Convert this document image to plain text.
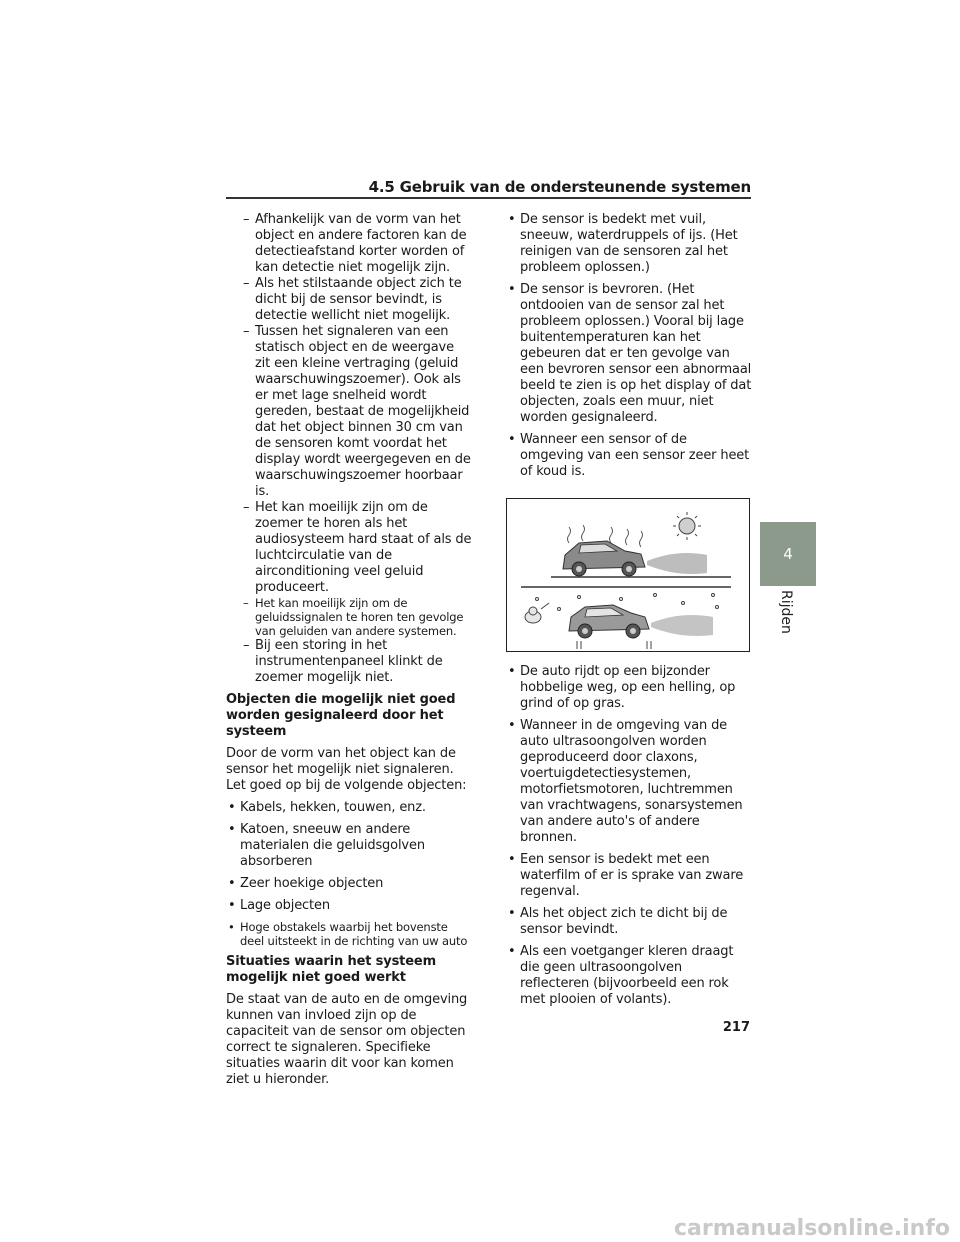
4.5 Gebruik van de ondersteunende systemen

– Afhankelijk van de vorm van het object en andere factoren kan de detectieafstand korter worden of kan detectie niet mogelijk zijn.

– Als het stilstaande object zich te dicht bij de sensor bevindt, is detectie wellicht niet mogelijk.

– Tussen het signaleren van een statisch object en de weergave zit een kleine vertraging (geluid waarschuwingszoemer). Ook als er met lage snelheid wordt gereden, bestaat de mogelijkheid dat het object binnen 30 cm van de sensoren komt voordat het display wordt weergegeven en de waarschuwingszoemer hoorbaar is.

– Het kan moeilijk zijn om de zoemer te horen als het audiosysteem hard staat of als de luchtcirculatie van de airconditioning veel geluid produceert.

– Het kan moeilijk zijn om de geluidssignalen te horen ten gevolge van geluiden van andere systemen.

– Bij een storing in het instrumentenpaneel klinkt de zoemer mogelijk niet.

Objecten die mogelijk niet goed worden gesignaleerd door het systeem

Door de vorm van het object kan de sensor het mogelijk niet signaleren. Let goed op bij de volgende objecten:

• Kabels, hekken, touwen, enz.

• Katoen, sneeuw en andere materialen die geluidsgolven absorberen

• Zeer hoekige objecten

• Lage objecten

• Hoge obstakels waarbij het bovenste deel uitsteekt in de richting van uw auto

Situaties waarin het systeem mogelijk niet goed werkt

De staat van de auto en de omgeving kunnen van invloed zijn op de capaciteit van de sensor om objecten correct te signaleren. Specifieke situaties waarin dit voor kan komen ziet u hieronder.

• De sensor is bedekt met vuil, sneeuw, waterdruppels of ijs. (Het reinigen van de sensoren zal het probleem oplossen.)

• De sensor is bevroren. (Het ontdooien van de sensor zal het probleem oplossen.) Vooral bij lage buitentemperaturen kan het gebeuren dat er ten gevolge van een bevroren sensor een abnormaal beeld te zien is op het display of dat objecten, zoals een muur, niet worden gesignaleerd.

• Wanneer een sensor of de omgeving van een sensor zeer heet of koud is.

• De auto rijdt op een bijzonder hobbelige weg, op een helling, op grind of op gras.

• Wanneer in de omgeving van de auto ultrasoongolven worden geproduceerd door claxons, voertuigdetectiesystemen, motorfietsmotoren, luchtremmen van vrachtwagens, sonarsystemen van andere auto's of andere bronnen.

• Een sensor is bedekt met een waterfilm of er is sprake van zware regenval.

• Als het object zich te dicht bij de sensor bevindt.

• Als een voetganger kleren draagt die geen ultrasoongolven reflecteren (bijvoorbeeld een rok met plooien of volants).

4
Rijden
217
carmanualsonline.info
